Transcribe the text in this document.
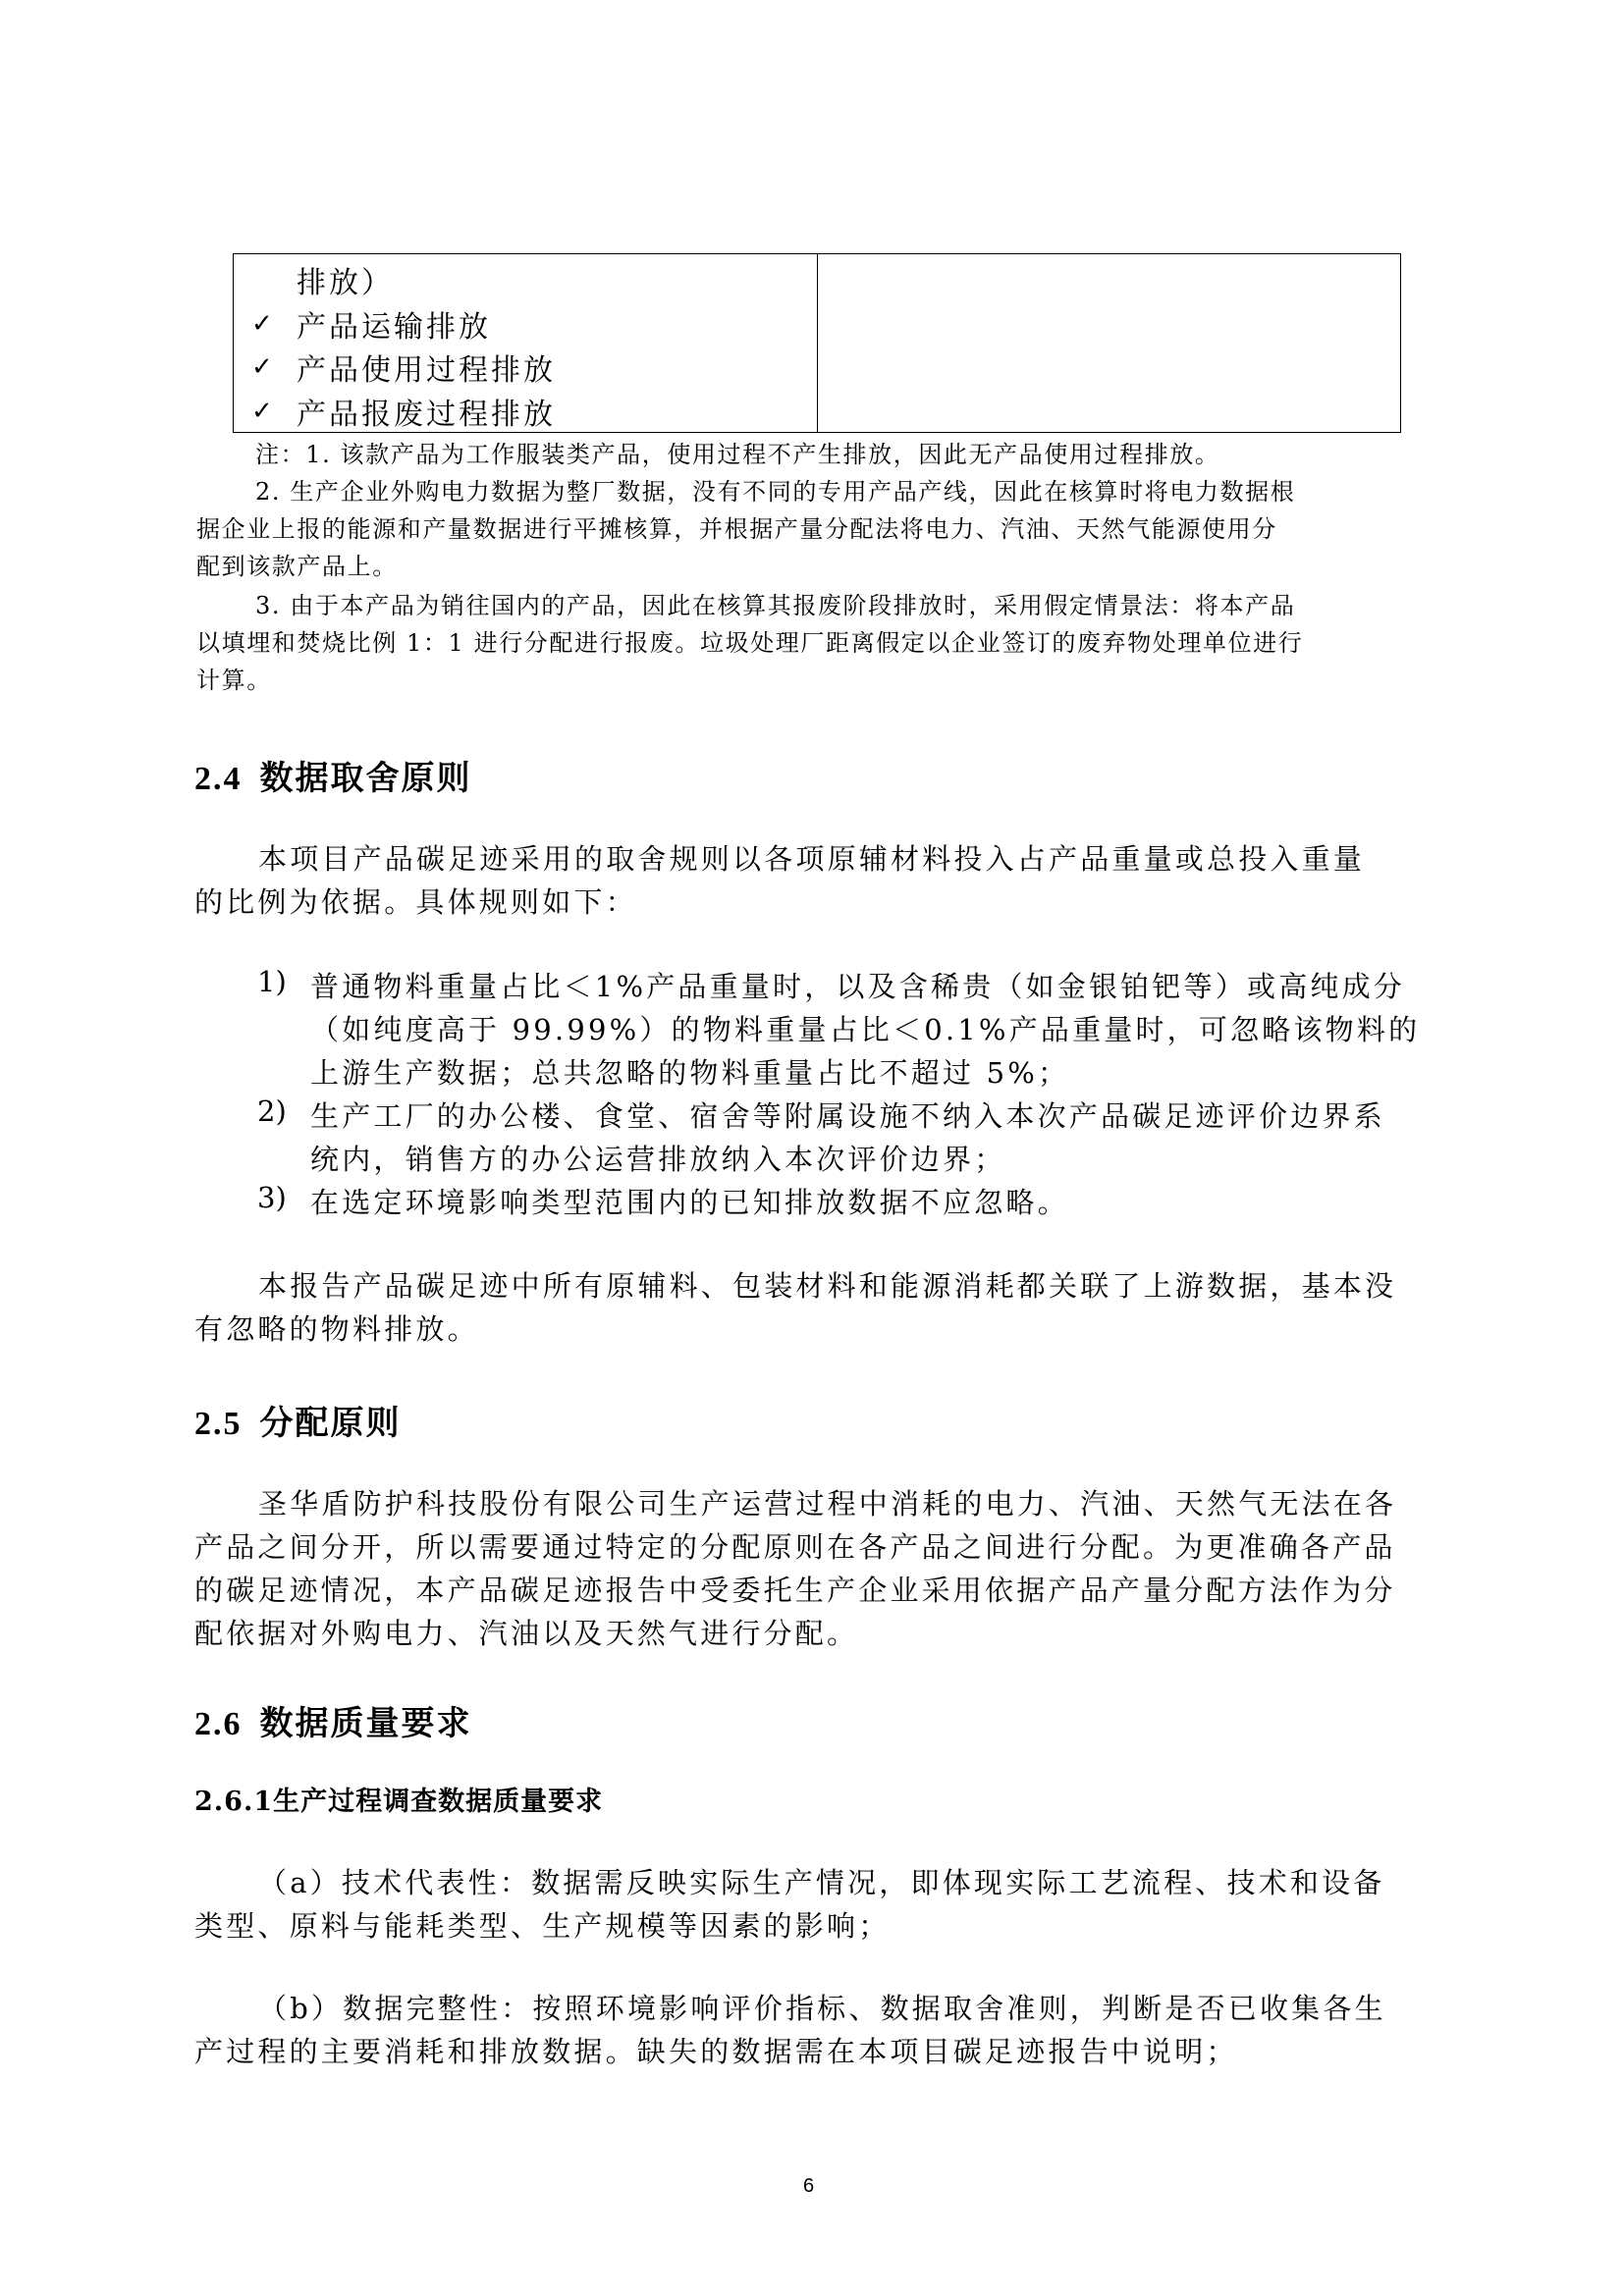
排放）
✓ 产品运输排放
✓ 产品使用过程排放
✓ 产品报废过程排放
注：1. 该款产品为工作服装类产品，使用过程不产生排放，因此无产品使用过程排放。
2. 生产企业外购电力数据为整厂数据，没有不同的专用产品产线，因此在核算时将电力数据根
据企业上报的能源和产量数据进行平摊核算，并根据产量分配法将电力、汽油、天然气能源使用分
配到该款产品上。
3. 由于本产品为销往国内的产品，因此在核算其报废阶段排放时，采用假定情景法：将本产品
以填埋和焚烧比例 1：1 进行分配进行报废。垃圾处理厂距离假定以企业签订的废弃物处理单位进行
计算。
2.4 数据取舍原则
本项目产品碳足迹采用的取舍规则以各项原辅材料投入占产品重量或总投入重量
的比例为依据。具体规则如下：
1) 普通物料重量占比＜1%产品重量时，以及含稀贵（如金银铂钯等）或高纯成分
（如纯度高于 99.99%）的物料重量占比＜0.1%产品重量时，可忽略该物料的
上游生产数据；总共忽略的物料重量占比不超过 5%；
2) 生产工厂的办公楼、食堂、宿舍等附属设施不纳入本次产品碳足迹评价边界系
统内，销售方的办公运营排放纳入本次评价边界；
3) 在选定环境影响类型范围内的已知排放数据不应忽略。
本报告产品碳足迹中所有原辅料、包装材料和能源消耗都关联了上游数据，基本没
有忽略的物料排放。
2.5 分配原则
圣华盾防护科技股份有限公司生产运营过程中消耗的电力、汽油、天然气无法在各
产品之间分开，所以需要通过特定的分配原则在各产品之间进行分配。为更准确各产品
的碳足迹情况，本产品碳足迹报告中受委托生产企业采用依据产品产量分配方法作为分
配依据对外购电力、汽油以及天然气进行分配。
2.6 数据质量要求
2.6.1生产过程调查数据质量要求
（a）技术代表性：数据需反映实际生产情况，即体现实际工艺流程、技术和设备
类型、原料与能耗类型、生产规模等因素的影响；
（b）数据完整性：按照环境影响评价指标、数据取舍准则，判断是否已收集各生
产过程的主要消耗和排放数据。缺失的数据需在本项目碳足迹报告中说明；
6
